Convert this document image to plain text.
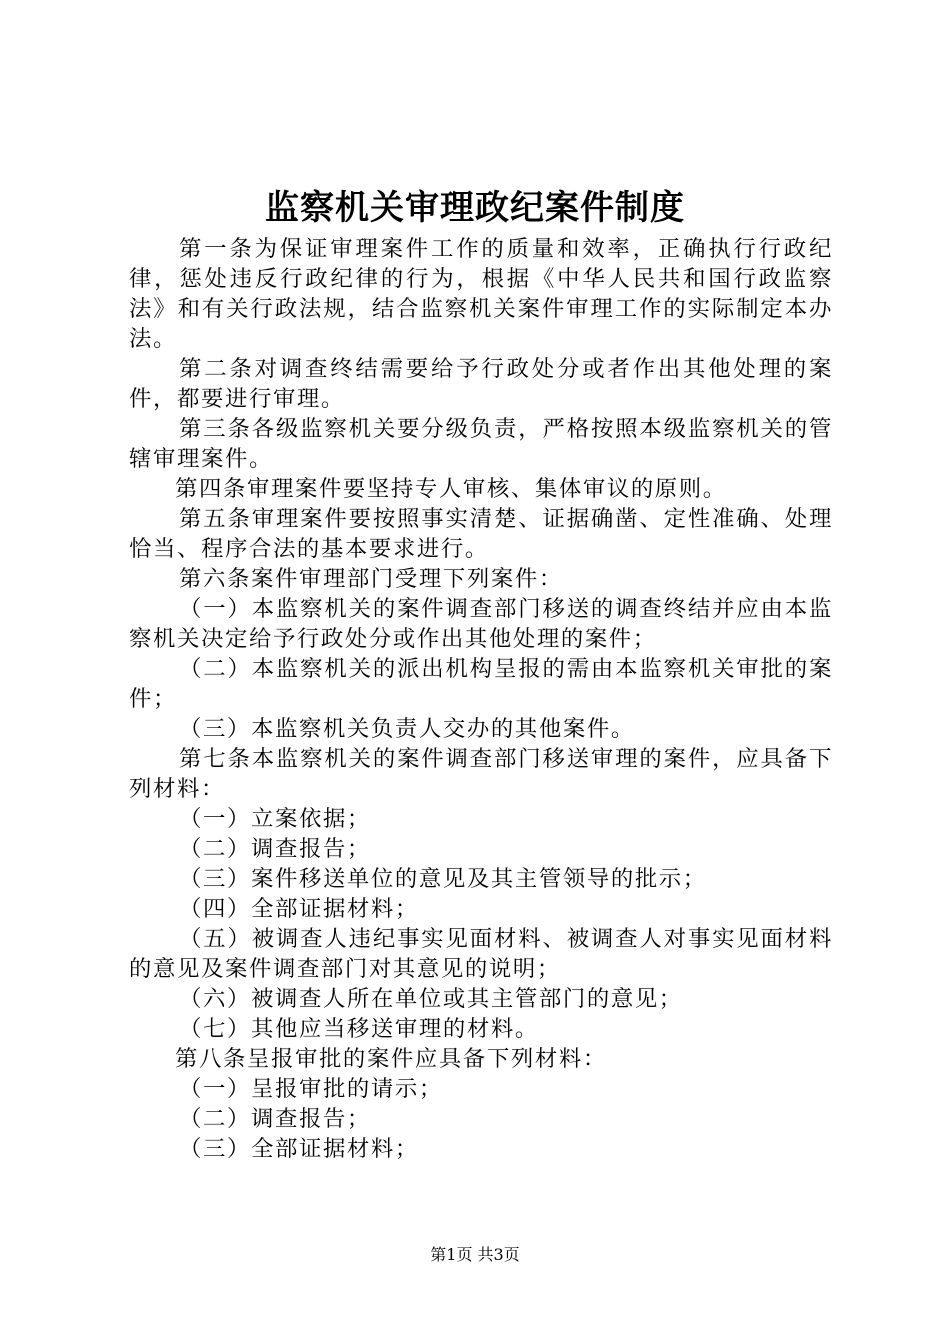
监察机关审理政纪案件制度

第一条为保证审理案件工作的质量和效率，正确执行行政纪律，惩处违反行政纪律的行为，根据《中华人民共和国行政监察法》和有关行政法规，结合监察机关案件审理工作的实际制定本办法。

第二条对调查终结需要给予行政处分或者作出其他处理的案件，都要进行审理。

第三条各级监察机关要分级负责，严格按照本级监察机关的管辖审理案件。

第四条审理案件要坚持专人审核、集体审议的原则。

第五条审理案件要按照事实清楚、证据确凿、定性准确、处理恰当、程序合法的基本要求进行。

第六条案件审理部门受理下列案件：

（一）本监察机关的案件调查部门移送的调查终结并应由本监察机关决定给予行政处分或作出其他处理的案件；

（二）本监察机关的派出机构呈报的需由本监察机关审批的案件；

（三）本监察机关负责人交办的其他案件。

第七条本监察机关的案件调查部门移送审理的案件，应具备下列材料：

（一）立案依据；

（二）调查报告；

（三）案件移送单位的意见及其主管领导的批示；

（四）全部证据材料；

（五）被调查人违纪事实见面材料、被调查人对事实见面材料的意见及案件调查部门对其意见的说明；

（六）被调查人所在单位或其主管部门的意见；

（七）其他应当移送审理的材料。

第八条呈报审批的案件应具备下列材料：

（一）呈报审批的请示；

（二）调查报告；

（三）全部证据材料；

第1页 共3页
